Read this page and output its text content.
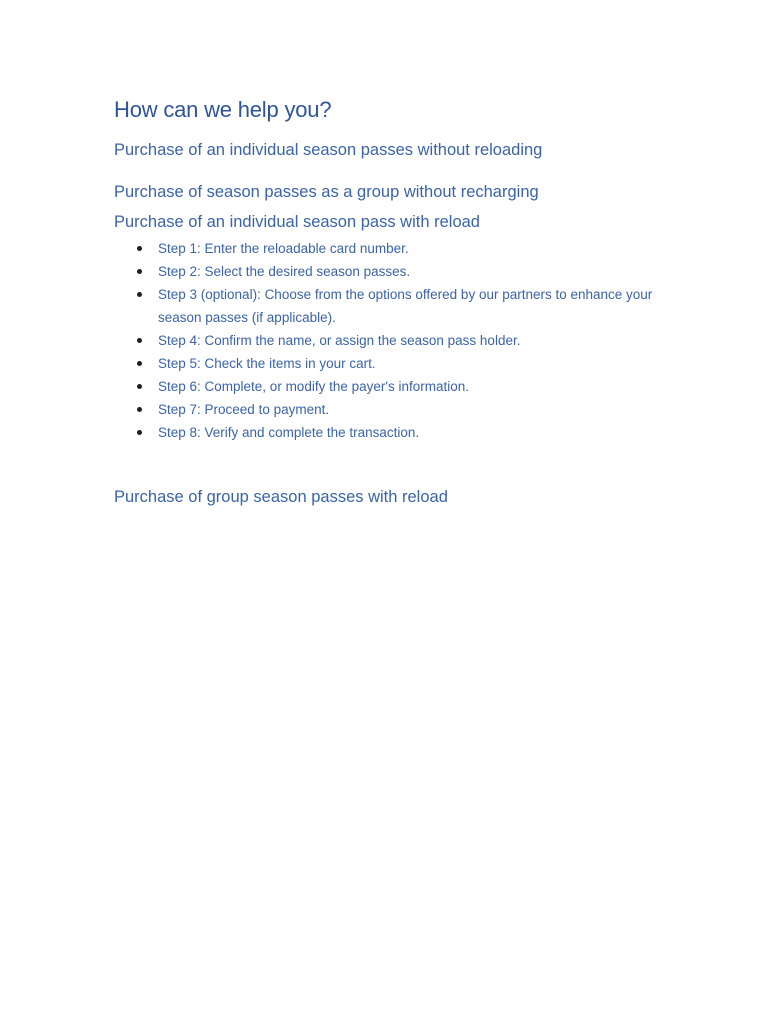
How can we help you?
Purchase of an individual season passes without reloading
Purchase of season passes as a group without recharging
Purchase of an individual season pass with reload
Step 1: Enter the reloadable card number.
Step 2: Select the desired season passes.
Step 3 (optional): Choose from the options offered by our partners to enhance your season passes (if applicable).
Step 4: Confirm the name, or assign the season pass holder.
Step 5: Check the items in your cart.
Step 6: Complete, or modify the payer's information.
Step 7: Proceed to payment.
Step 8: Verify and complete the transaction.
Purchase of group season passes with reload
